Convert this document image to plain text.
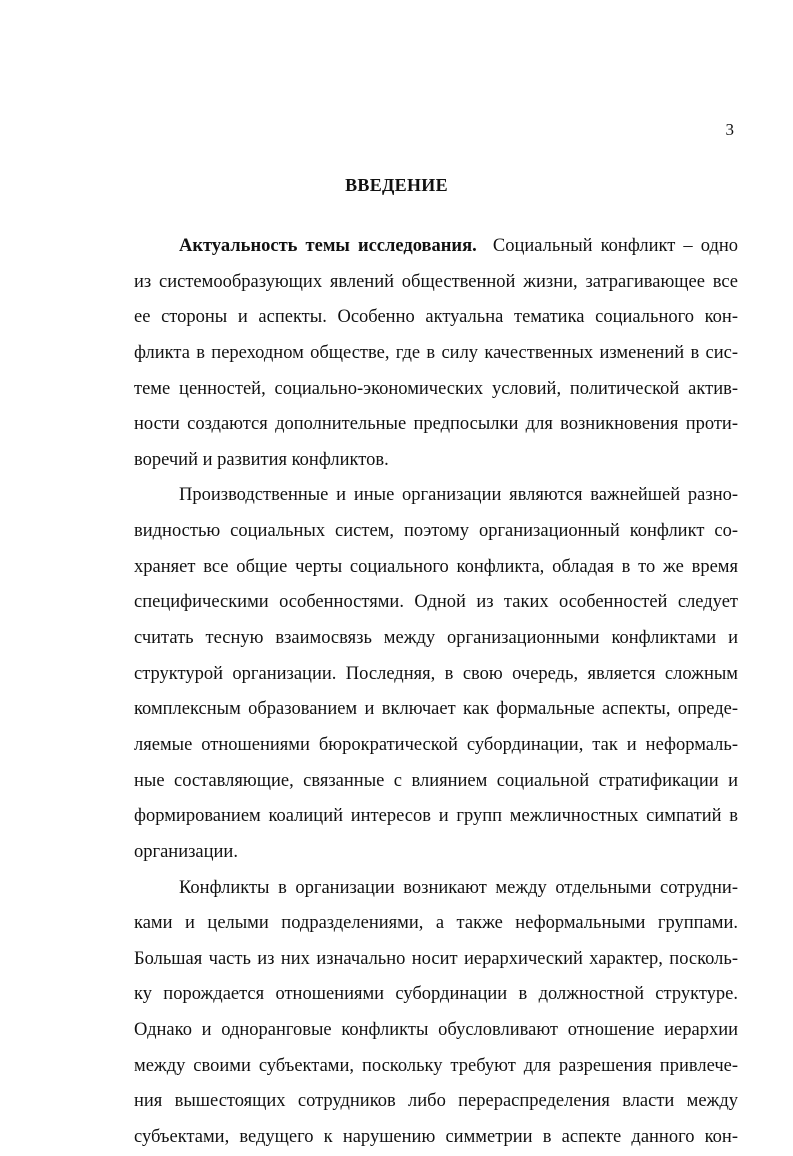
3
ВВЕДЕНИЕ
Актуальность темы исследования. Социальный конфликт – одно
из системообразующих явлений общественной жизни, затрагивающее все
ее стороны и аспекты. Особенно актуальна тематика социального кон-
фликта в переходном обществе, где в силу качественных изменений в сис-
теме ценностей, социально-экономических условий, политической актив-
ности создаются дополнительные предпосылки для возникновения проти-
воречий и развития конфликтов.
Производственные и иные организации являются важнейшей разно-
видностью социальных систем, поэтому организационный конфликт со-
храняет все общие черты социального конфликта, обладая в то же время
специфическими особенностями. Одной из таких особенностей следует
считать тесную взаимосвязь между организационными конфликтами и
структурой организации. Последняя, в свою очередь, является сложным
комплексным образованием и включает как формальные аспекты, опреде-
ляемые отношениями бюрократической субординации, так и неформаль-
ные составляющие, связанные с влиянием социальной стратификации и
формированием коалиций интересов и групп межличностных симпатий в
организации.
Конфликты в организации возникают между отдельными сотрудни-
ками и целыми подразделениями, а также неформальными группами.
Большая часть из них изначально носит иерархический характер, посколь-
ку порождается отношениями субординации в должностной структуре.
Однако и одноранговые конфликты обусловливают отношение иерархии
между своими субъектами, поскольку требуют для разрешения привлече-
ния вышестоящих сотрудников либо перераспределения власти между
субъектами, ведущего к нарушению симметрии в аспекте данного кон-
